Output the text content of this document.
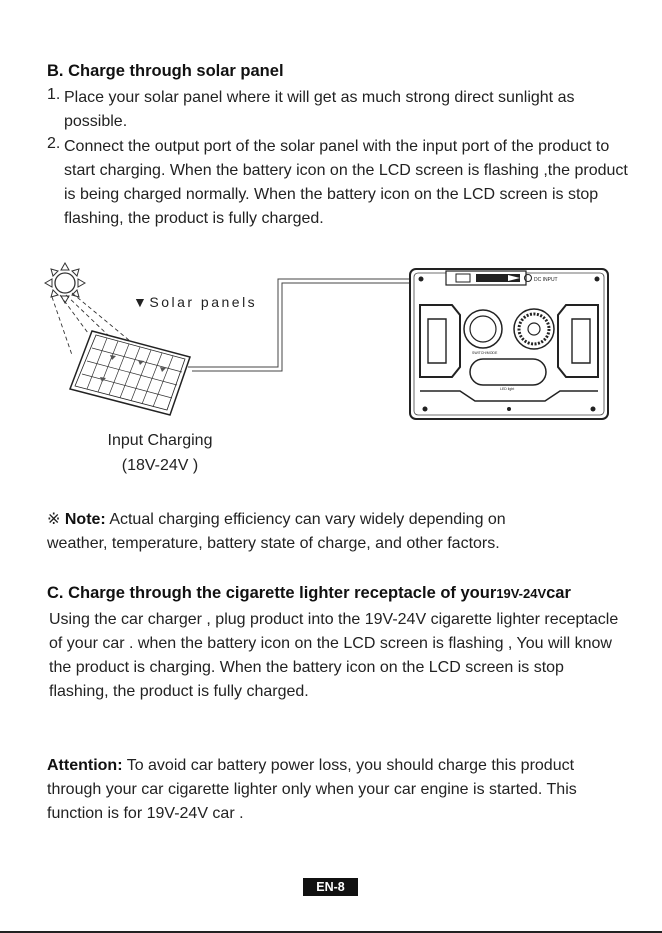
B. Charge through solar panel
1. Place your solar panel where it will get as much strong direct sunlight as possible.
2. Connect the output port of the solar panel with the input port of the product to start charging. When the battery icon on the LCD screen is flashing ,the product is being charged normally. When the battery icon on the LCD screen is stop flashing, the product is fully charged.
▼Solar panels
DC INPUT
SWITCH/MODE
LED light
Input Charging
(18V-24V )
※ Note: Actual charging efficiency can vary widely depending on
weather, temperature, battery state of charge, and other factors.
C. Charge through the cigarette lighter receptacle of your19V-24Vcar
Using the car charger , plug product into the 19V-24V cigarette lighter receptacle of your car . when the battery icon on the LCD screen is flashing , You will know the product is charging. When the battery icon on the LCD screen is stop flashing, the product is fully charged.
Attention: To avoid car battery power loss, you should charge this product through your car cigarette lighter only when your car engine is started. This function is for 19V-24V car .
EN-8
